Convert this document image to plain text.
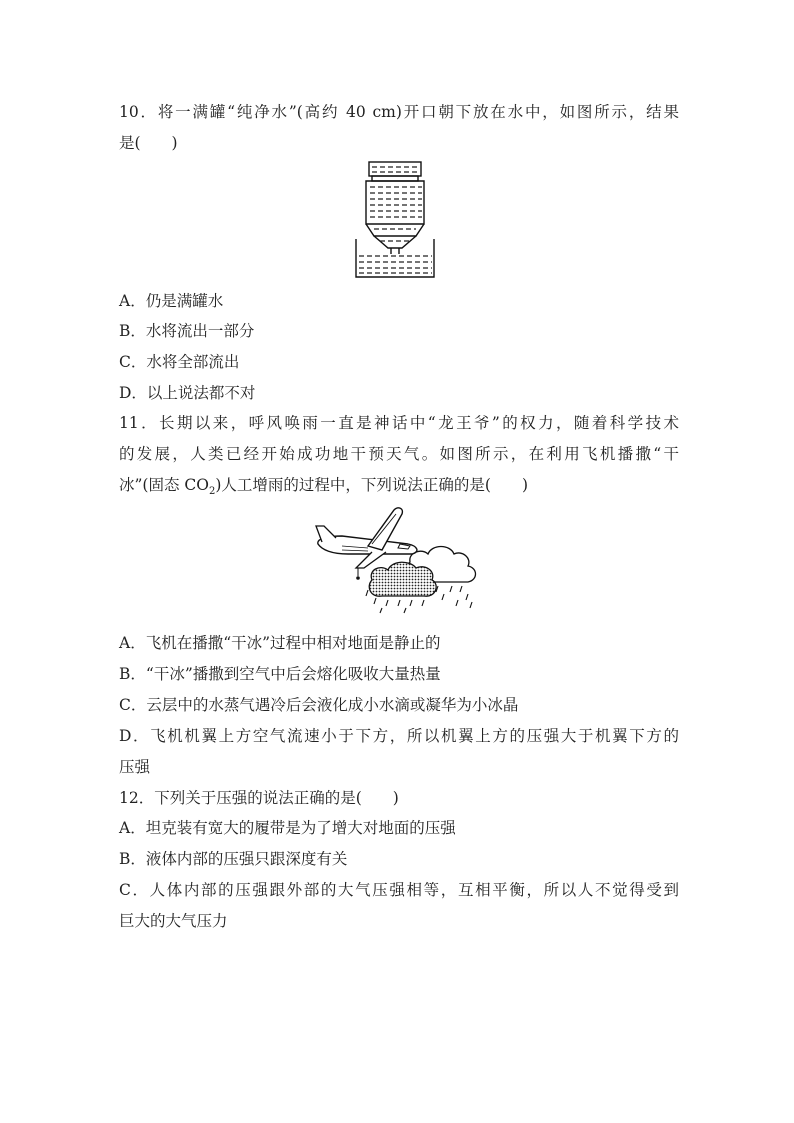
10．将一满罐“纯净水”(高约 40 cm)开口朝下放在水中，如图所示，结果
是(　　)
A．仍是满罐水
B．水将流出一部分
C．水将全部流出
D．以上说法都不对
11．长期以来，呼风唤雨一直是神话中“龙王爷”的权力，随着科学技术
的发展，人类已经开始成功地干预天气。如图所示，在利用飞机播撒“干
冰”(固态 $CO_2$)人工增雨的过程中，下列说法正确的是(　　)
A．飞机在播撒“干冰”过程中相对地面是静止的
B．“干冰”播撒到空气中后会熔化吸收大量热量
C．云层中的水蒸气遇冷后会液化成小水滴或凝华为小冰晶
D．飞机机翼上方空气流速小于下方，所以机翼上方的压强大于机翼下方的
压强
12．下列关于压强的说法正确的是(　　)
A．坦克装有宽大的履带是为了增大对地面的压强
B．液体内部的压强只跟深度有关
C．人体内部的压强跟外部的大气压强相等，互相平衡，所以人不觉得受到
巨大的大气压力
